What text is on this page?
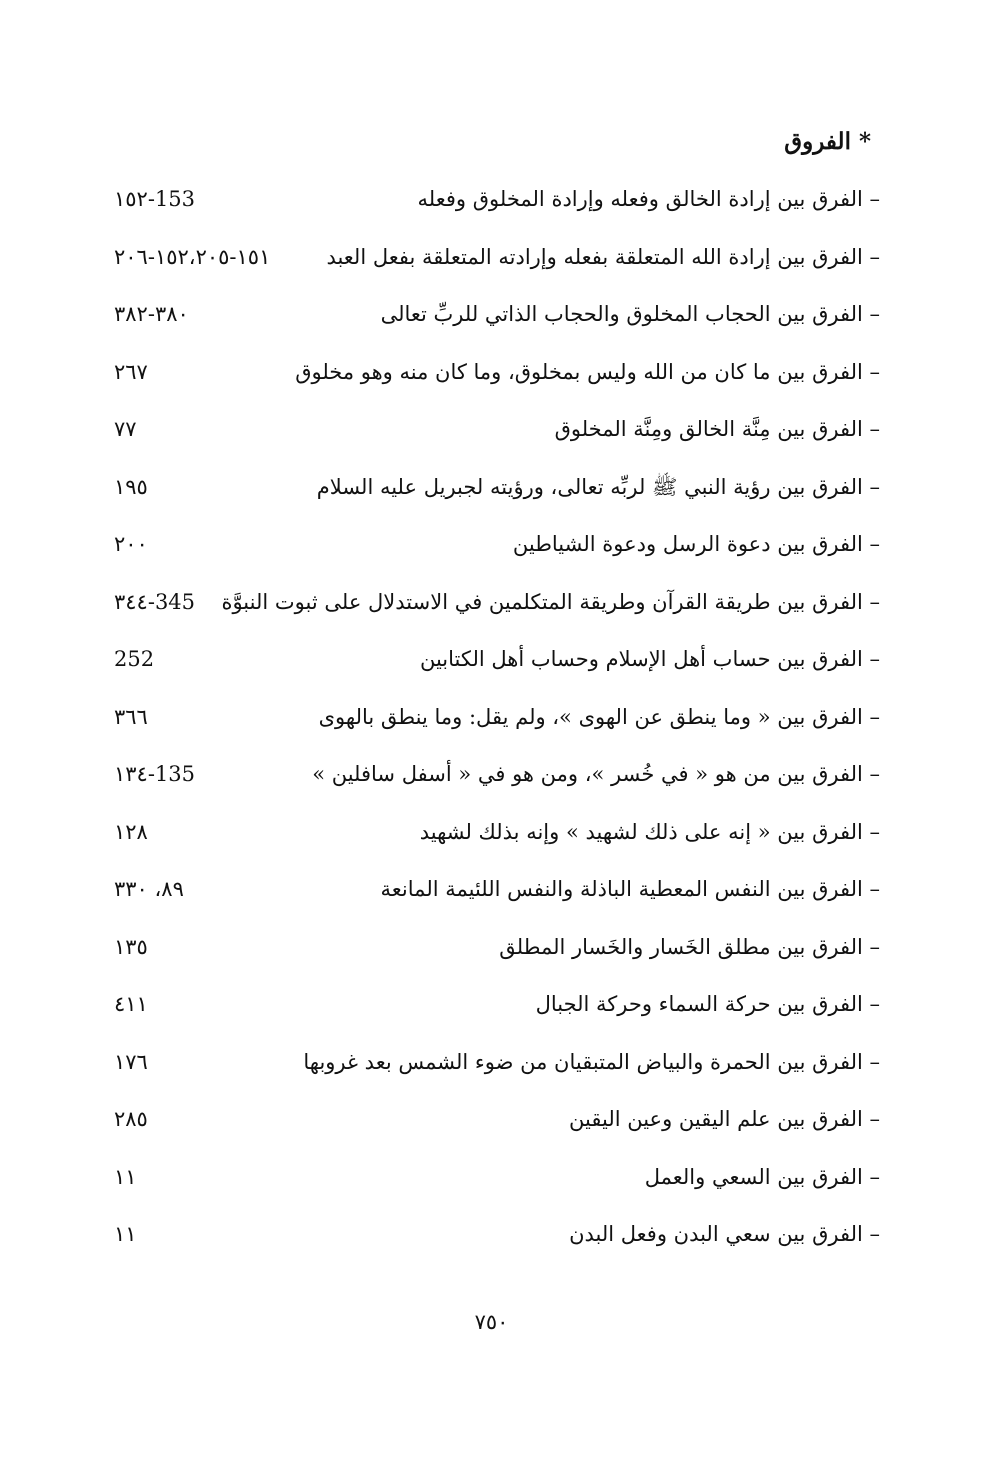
* الفروق
– الفرق بين إرادة الخالق وفعله وإرادة المخلوق وفعله
١٥٢-153
– الفرق بين إرادة الله المتعلقة بفعله وإرادته المتعلقة بفعل العبد
١٥١-١٥٢،٢٠٥-٢٠٦
– الفرق بين الحجاب المخلوق والحجاب الذاتي للربِّ تعالى
٣٨٠-٣٨٢
– الفرق بين ما كان من الله وليس بمخلوق، وما كان منه وهو مخلوق
٢٦٧
– الفرق بين مِنَّة الخالق ومِنَّة المخلوق
٧٧
– الفرق بين رؤية النبي ﷺ لربِّه تعالى، ورؤيته لجبريل عليه السلام
١٩٥
– الفرق بين دعوة الرسل ودعوة الشياطين
٢٠٠
– الفرق بين طريقة القرآن وطريقة المتكلمين في الاستدلال على ثبوت النبوَّة
٣٤٤-345
– الفرق بين حساب أهل الإسلام وحساب أهل الكتابين
252
– الفرق بين « وما ينطق عن الهوى »، ولم يقل: وما ينطق بالهوى
٣٦٦
– الفرق بين من هو « في خُسر »، ومن هو في « أسفل سافلين »
١٣٤-135
– الفرق بين « إنه على ذلك لشهيد » وإنه بذلك لشهيد
١٢٨
– الفرق بين النفس المعطية الباذلة والنفس اللئيمة المانعة
٨٩، ٣٣٠
– الفرق بين مطلق الخَسار والخَسار المطلق
١٣٥
– الفرق بين حركة السماء وحركة الجبال
٤١١
– الفرق بين الحمرة والبياض المتبقيان من ضوء الشمس بعد غروبها
١٧٦
– الفرق بين علم اليقين وعين اليقين
٢٨٥
– الفرق بين السعي والعمل
١١
– الفرق بين سعي البدن وفعل البدن
١١
٧٥٠
